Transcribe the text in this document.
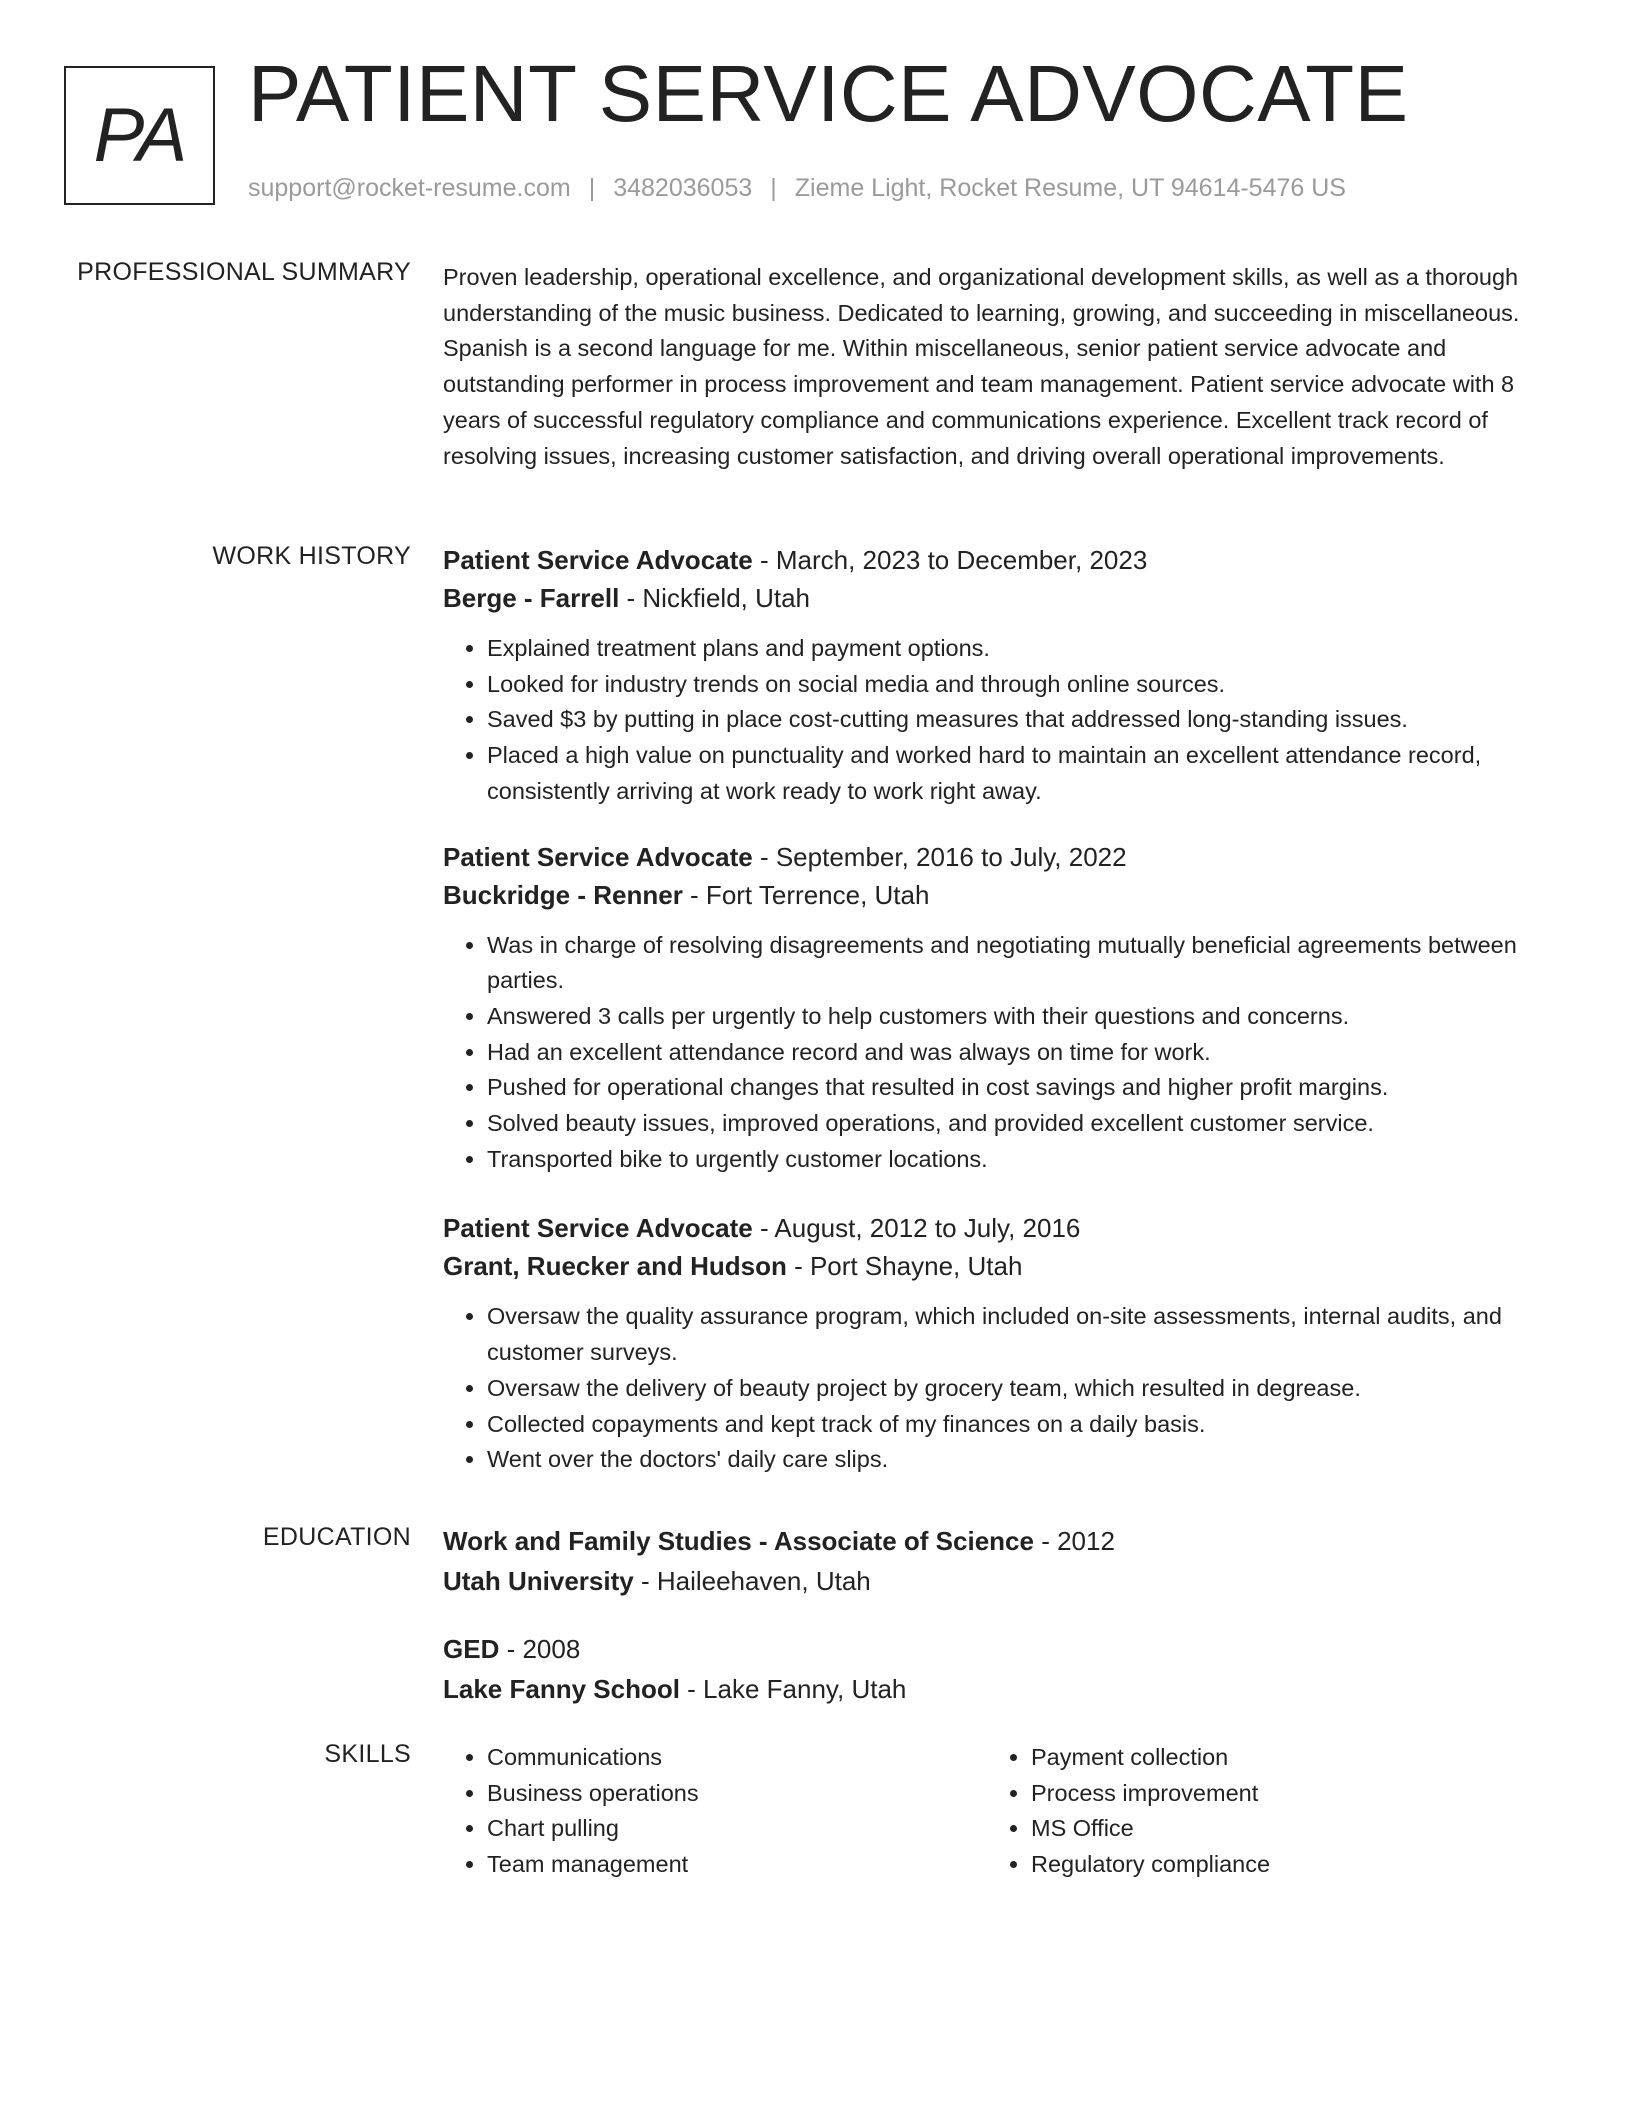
PA PATIENT SERVICE ADVOCATE
support@rocket-resume.com | 3482036053 | Zieme Light, Rocket Resume, UT 94614-5476 US
PROFESSIONAL SUMMARY Proven leadership, operational excellence, and organizational development skills, as well as a thorough understanding of the music business. Dedicated to learning, growing, and succeeding in miscellaneous. Spanish is a second language for me. Within miscellaneous, senior patient service advocate and outstanding performer in process improvement and team management. Patient service advocate with 8 years of successful regulatory compliance and communications experience. Excellent track record of resolving issues, increasing customer satisfaction, and driving overall operational improvements.

WORK HISTORY Patient Service Advocate - March, 2023 to December, 2023

Berge - Farrell - Nickfield, Utah

• Explained treatment plans and payment options.
• Looked for industry trends on social media and through online sources.
• Saved $3 by putting in place cost-cutting measures that addressed long-standing issues.
• Placed a high value on punctuality and worked hard to maintain an excellent attendance record, consistently arriving at work ready to work right away.

Patient Service Advocate - September, 2016 to July, 2022

Buckridge - Renner - Fort Terrence, Utah

• Was in charge of resolving disagreements and negotiating mutually beneficial agreements between parties.
• Answered 3 calls per urgently to help customers with their questions and concerns.
• Had an excellent attendance record and was always on time for work.
• Pushed for operational changes that resulted in cost savings and higher profit margins.
• Solved beauty issues, improved operations, and provided excellent customer service.
• Transported bike to urgently customer locations.

Patient Service Advocate - August, 2012 to July, 2016

Grant, Ruecker and Hudson - Port Shayne, Utah

• Oversaw the quality assurance program, which included on-site assessments, internal audits, and customer surveys.
• Oversaw the delivery of beauty project by grocery team, which resulted in degrease.
• Collected copayments and kept track of my finances on a daily basis.
• Went over the doctors' daily care slips.
EDUCATION Work and Family Studies - Associate of Science - 2012

Utah University - Haileehaven, Utah

GED - 2008

Lake Fanny School - Lake Fanny, Utah

SKILLS
•	Communications
• Business operations
• Chart pulling
• Team management
• Payment collection
• Process improvement
• MS Office
• Regulatory compliance
